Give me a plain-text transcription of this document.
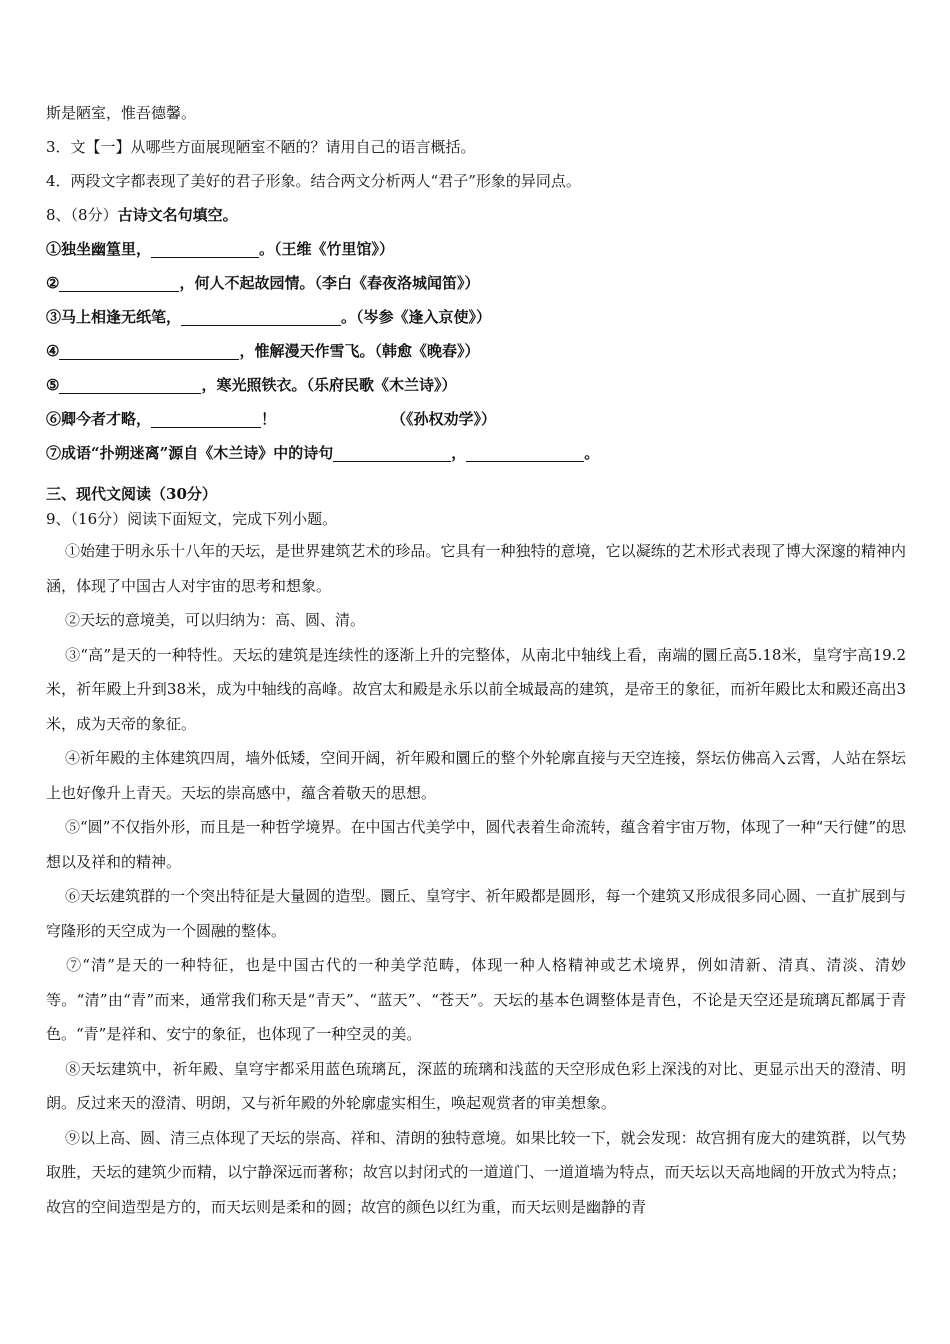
斯是陋室，惟吾德馨。
3．文【一】从哪些方面展现陋室不陋的？请用自己的语言概括。
4．两段文字都表现了美好的君子形象。结合两文分析两人“君子”形象的异同点。
8、（8分） 古诗文名句填空。
①独坐幽篁里，	。（王维《竹里馆》）
②	，何人不起故园情。（李白《春夜洛城闻笛》）
③马上相逢无纸笔，	。（岑参《逢入京使》）
④	，惟解漫天作雪飞。（韩愈《晚春》）
⑤	，寒光照铁衣。（乐府民歌《木兰诗》）
⑥卿今者才略，	！	（《孙权劝学》）
⑦成语“扑朔迷离”源自《木兰诗》中的诗句	，	。
三、现代文阅读（30分）
9、（16分）阅读下面短文，完成下列小题。

①始建于明永乐十八年的天坛，是世界建筑艺术的珍品。它具有一种独特的意境，它以凝练的艺术形式表现了博大深邃的精神内涵，体现了中国古人对宇宙的思考和想象。

②天坛的意境美，可以归纳为：高、圆、清。

③“高”是天的一种特性。天坛的建筑是连续性的逐渐上升的完整体，从南北中轴线上看，南端的圜丘高5.18米，皇穹宇高19.2米，祈年殿上升到38米，成为中轴线的高峰。故宫太和殿是永乐以前全城最高的建筑，是帝王的象征，而祈年殿比太和殿还高出3米，成为天帝的象征。

④祈年殿的主体建筑四周，墙外低矮，空间开阔，祈年殿和圜丘的整个外轮廓直接与天空连接，祭坛仿佛高入云霄，人站在祭坛上也好像升上青天。天坛的崇高感中，蕴含着敬天的思想。

⑤“圆”不仅指外形，而且是一种哲学境界。在中国古代美学中，圆代表着生命流转，蕴含着宇宙万物，体现了一种“天行健”的思想以及祥和的精神。

⑥天坛建筑群的一个突出特征是大量圆的造型。圜丘、皇穹宇、祈年殿都是圆形，每一个建筑又形成很多同心圆、一直扩展到与穹隆形的天空成为一个圆融的整体。

⑦“清”是天的一种特征，也是中国古代的一种美学范畴，体现一种人格精神或艺术境界，例如清新、清真、清淡、清妙等。“清”由“青”而来，通常我们称天是“青天”、“蓝天”、“苍天”。天坛的基本色调整体是青色，不论是天空还是琉璃瓦都属于青色。“青”是祥和、安宁的象征，也体现了一种空灵的美。

⑧天坛建筑中，祈年殿、皇穹宇都采用蓝色琉璃瓦，深蓝的琉璃和浅蓝的天空形成色彩上深浅的对比、更显示出天的澄清、明朗。反过来天的澄清、明朗，又与祈年殿的外轮廓虚实相生，唤起观赏者的审美想象。

⑨以上高、圆、清三点体现了天坛的崇高、祥和、清朗的独特意境。如果比较一下，就会发现：故宫拥有庞大的建筑群，以气势取胜，天坛的建筑少而精，以宁静深远而著称；故宫以封闭式的一道道门、一道道墙为特点，而天坛以天高地阔的开放式为特点；故宫的空间造型是方的，而天坛则是柔和的圆；故宫的颜色以红为重，而天坛则是幽静的青
